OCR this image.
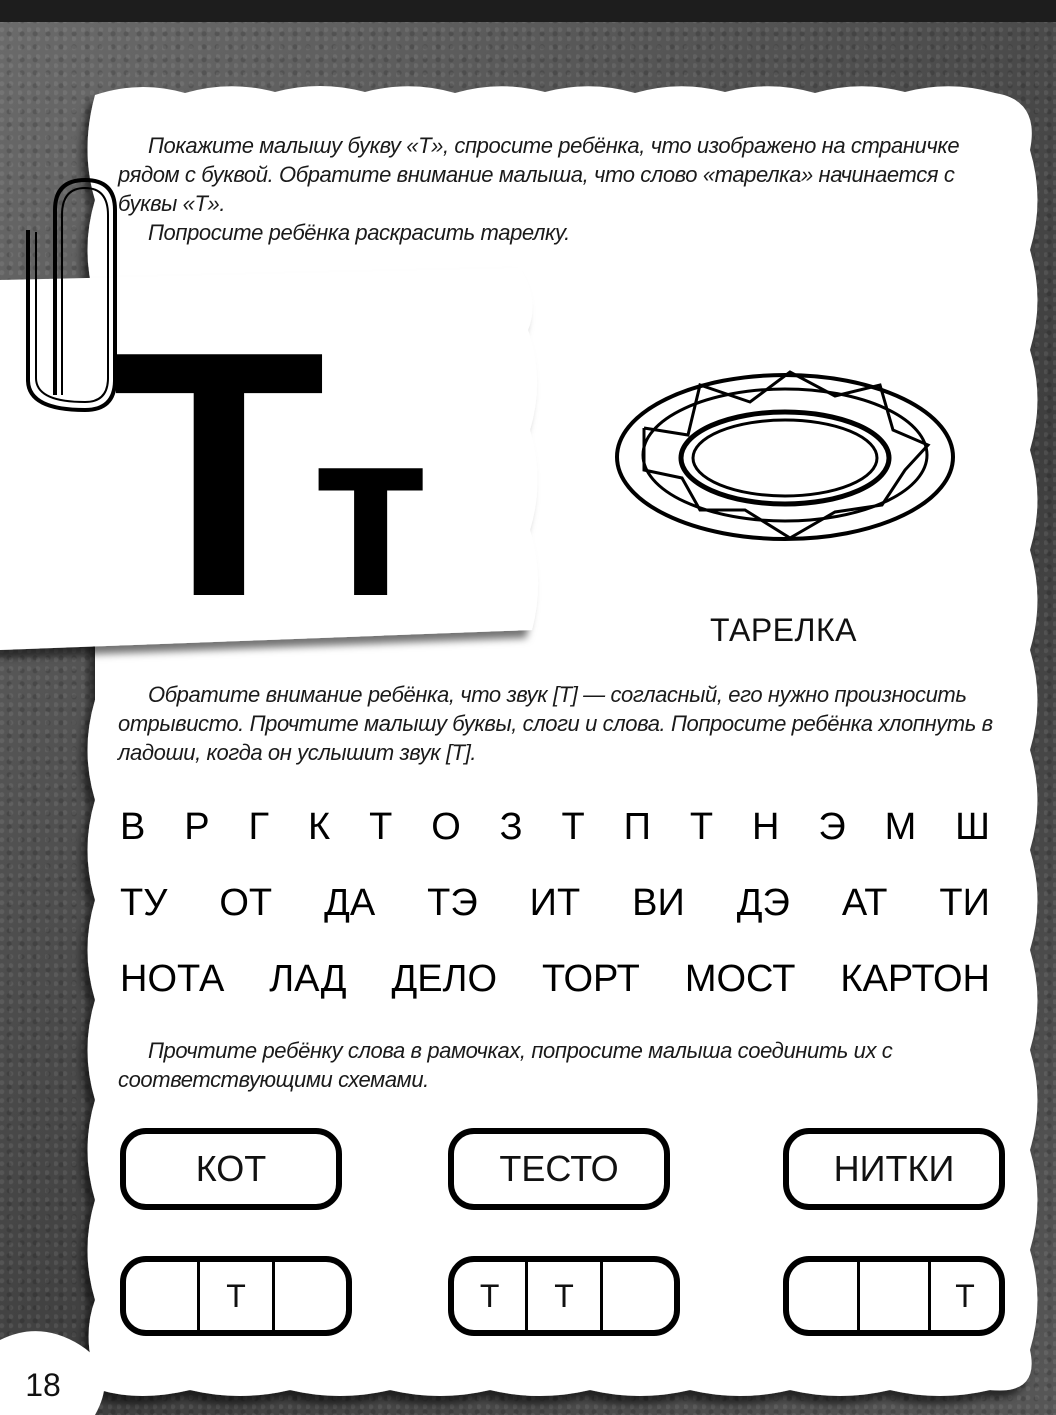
Покажите малышу букву «Т», спросите ребёнка, что изображено на страничке рядом с буквой. Обратите внимание малыша, что слово «тарелка» начинается с буквы «Т».

Попросите ребёнка раскрасить тарелку.

Тт	ТАРЕЛКА

Обратите внимание ребёнка, что звук [Т] — согласный, его нужно произносить отрывисто. Прочтите малышу буквы, слоги и слова. Попросите ребёнка хлопнуть в ладоши, когда он услышит звук [Т].

В Р Г К Т О З Т П Т Н Э М Ш
ТУ ОТ ДА ТЭ ИТ ВИ ДЭ АТ ТИ
НОТА ЛАД ДЕЛО ТОРТ МОСТ КАРТОН

Прочтите ребёнку слова в рамочках, попросите малыша соединить их с соответствующими схемами.

КОТ	ТЕСТО	НИТКИ
Т	Т	Т	Т
18
